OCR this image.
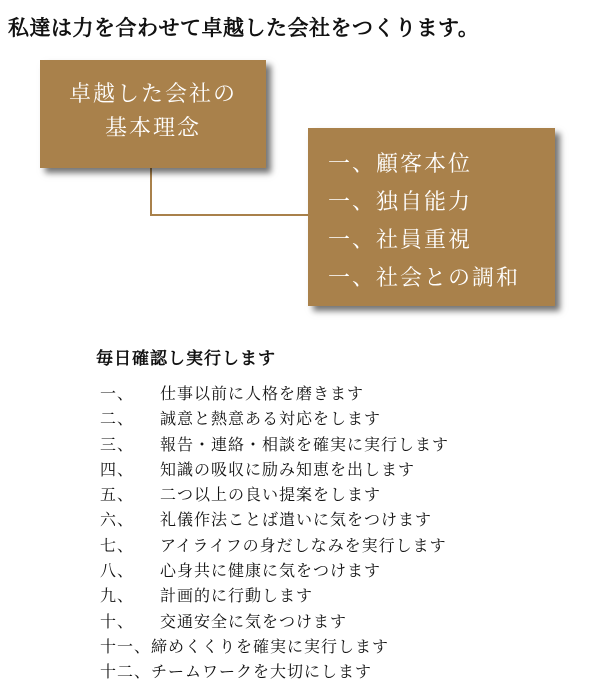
私達は力を合わせて卓越した会社をつくります。
卓越した会社の
基本理念
一、顧客本位
一、独自能力
一、社員重視
一、社会との調和
毎日確認し実行します
一、	仕事以前に人格を磨きます
二、	誠意と熱意ある対応をします
三、	報告・連絡・相談を確実に実行します
四、	知識の吸収に励み知恵を出します
五、	二つ以上の良い提案をします
六、	礼儀作法ことば遣いに気をつけます
七、	アイライフの身だしなみを実行します
八、	心身共に健康に気をつけます
九、	計画的に行動します
十、	交通安全に気をつけます
十一、 締めくくりを確実に実行します
十二、 チームワークを大切にします
